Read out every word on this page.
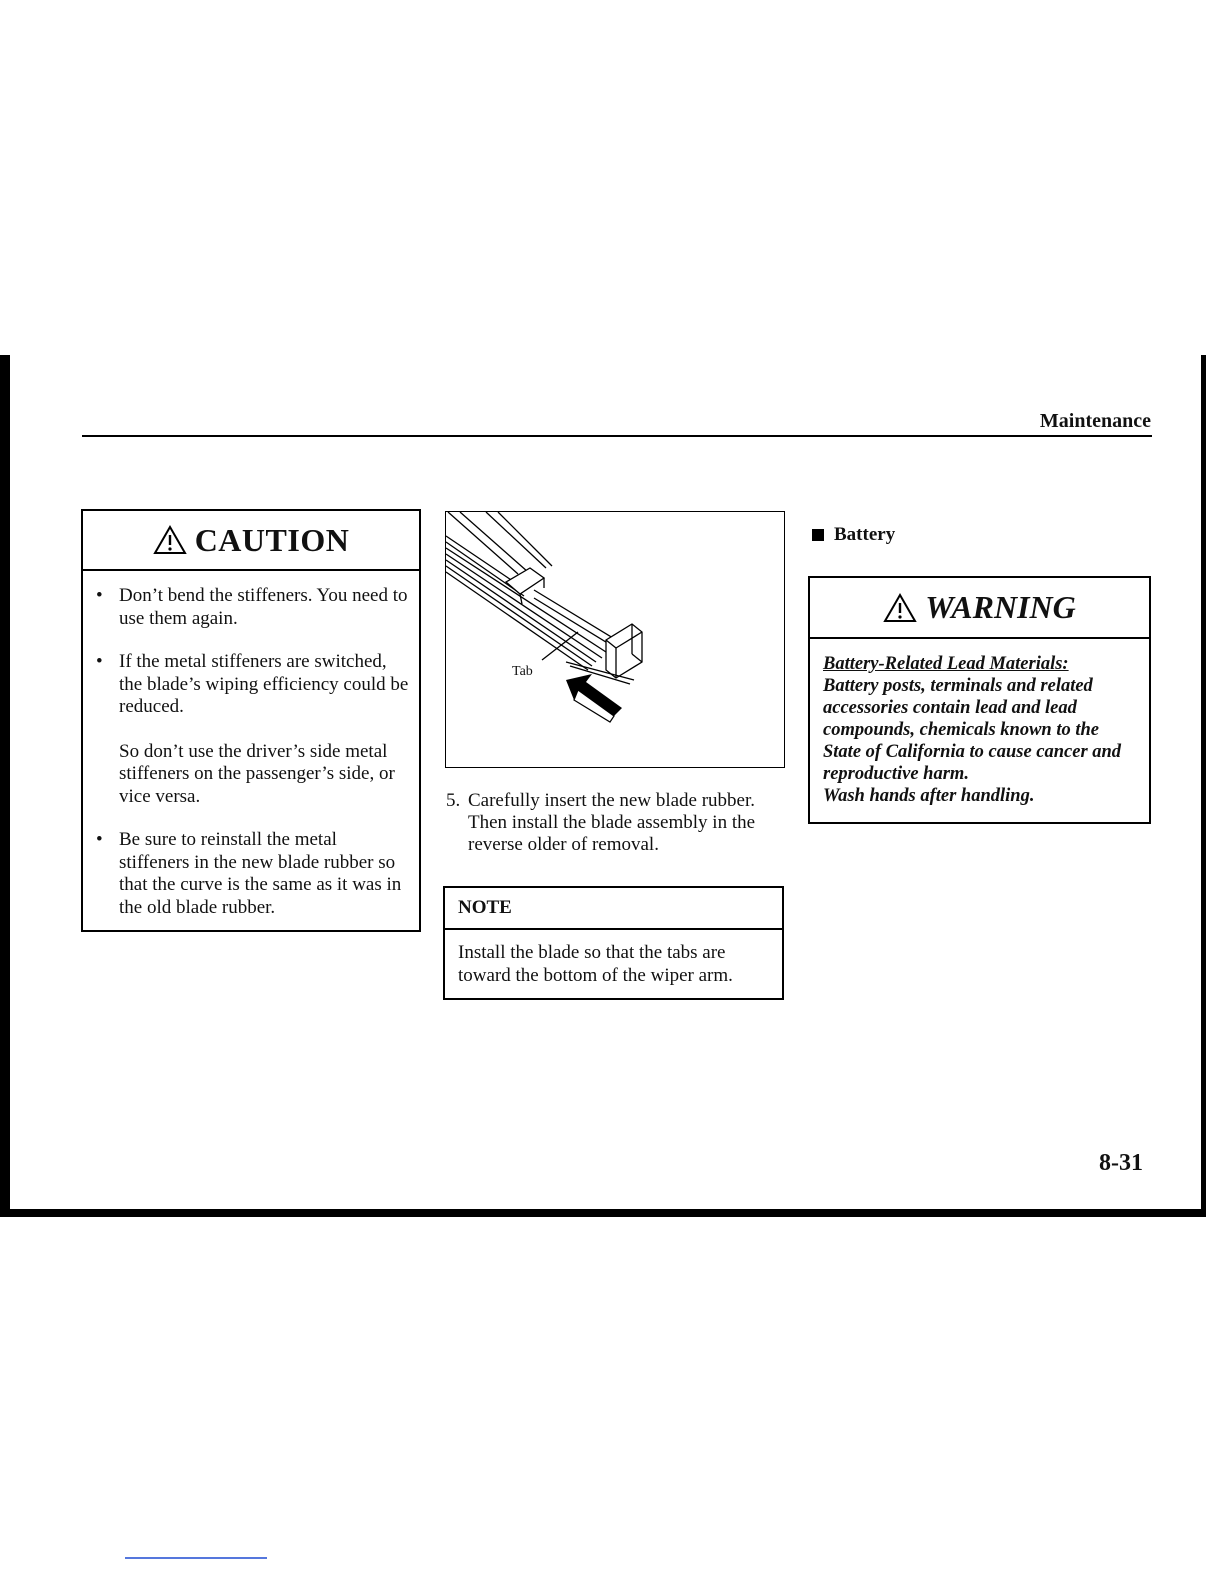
Maintenance
CAUTION
• Don’t bend the stiffeners. You need to use them again.

• If the metal stiffeners are switched, the blade’s wiping efficiency could be reduced.

So don’t use the driver’s side metal stiffeners on the passenger’s side, or vice versa.

• Be sure to reinstall the metal stiffeners in the new blade rubber so that the curve is the same as it was in the old blade rubber.

Tab
5. Carefully insert the new blade rubber. Then install the blade assembly in the reverse older of removal.
NOTE
Install the blade so that the tabs are toward the bottom of the wiper arm.
Battery
WARNING

Battery-Related Lead Materials:

Battery posts, terminals and related accessories contain lead and lead compounds, chemicals known to the State of California to cause cancer and reproductive harm.

Wash hands after handling.

8-31
